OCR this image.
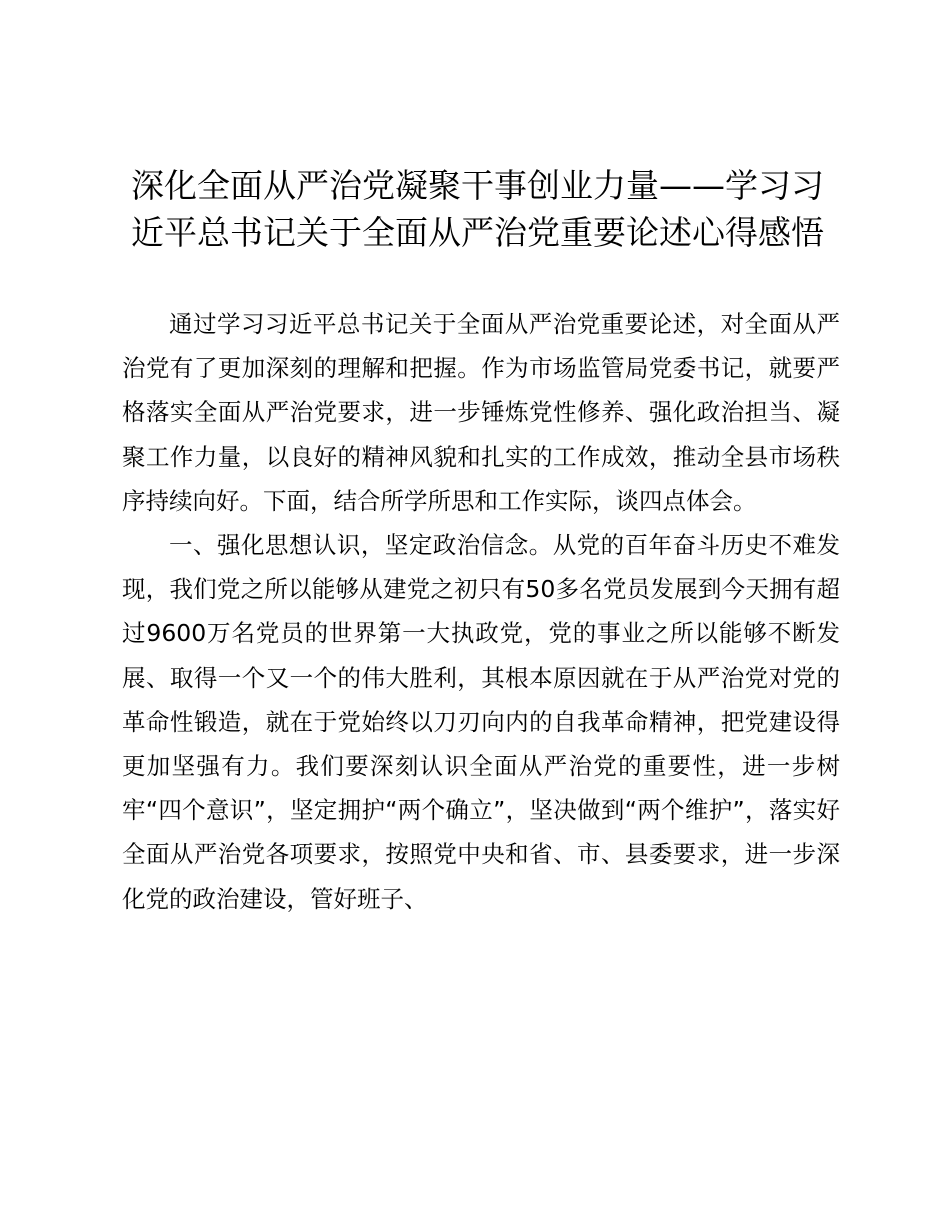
深化全面从严治党凝聚干事创业力量——学习习近平总书记关于全面从严治党重要论述心得感悟

通过学习习近平总书记关于全面从严治党重要论述，对全面从严治党有了更加深刻的理解和把握。作为市场监管局党委书记，就要严格落实全面从严治党要求，进一步锤炼党性修养、强化政治担当、凝聚工作力量，以良好的精神风貌和扎实的工作成效，推动全县市场秩序持续向好。下面，结合所学所思和工作实际，谈四点体会。

一、强化思想认识，坚定政治信念。从党的百年奋斗历史不难发现，我们党之所以能够从建党之初只有50多名党员发展到今天拥有超过9600万名党员的世界第一大执政党，党的事业之所以能够不断发展、取得一个又一个的伟大胜利，其根本原因就在于从严治党对党的革命性锻造，就在于党始终以刀刃向内的自我革命精神，把党建设得更加坚强有力。我们要深刻认识全面从严治党的重要性，进一步树牢“四个意识”，坚定拥护“两个确立”，坚决做到“两个维护”，落实好全面从严治党各项要求，按照党中央和省、市、县委要求，进一步深化党的政治建设，管好班子、
